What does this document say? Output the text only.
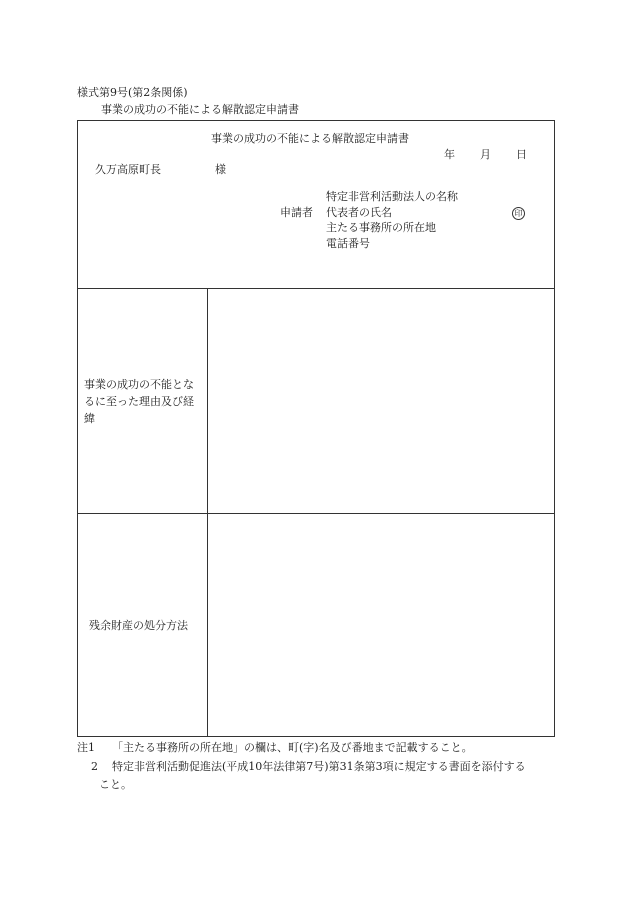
様式第9号(第2条関係)
事業の成功の不能による解散認定申請書
事業の成功の不能による解散認定申請書
年 月 日
久万高原町長	様
申請者
特定非営利活動法人の名称
代表者の氏名
主たる事務所の所在地
電話番号
印
事業の成功の不能となるに至った理由及び経緯
残余財産の処分方法
注1 「主たる事務所の所在地」の欄は、町(字)名及び番地まで記載すること。
2 特定非営利活動促進法(平成10年法律第7号)第31条第3項に規定する書面を添付する
こと。
